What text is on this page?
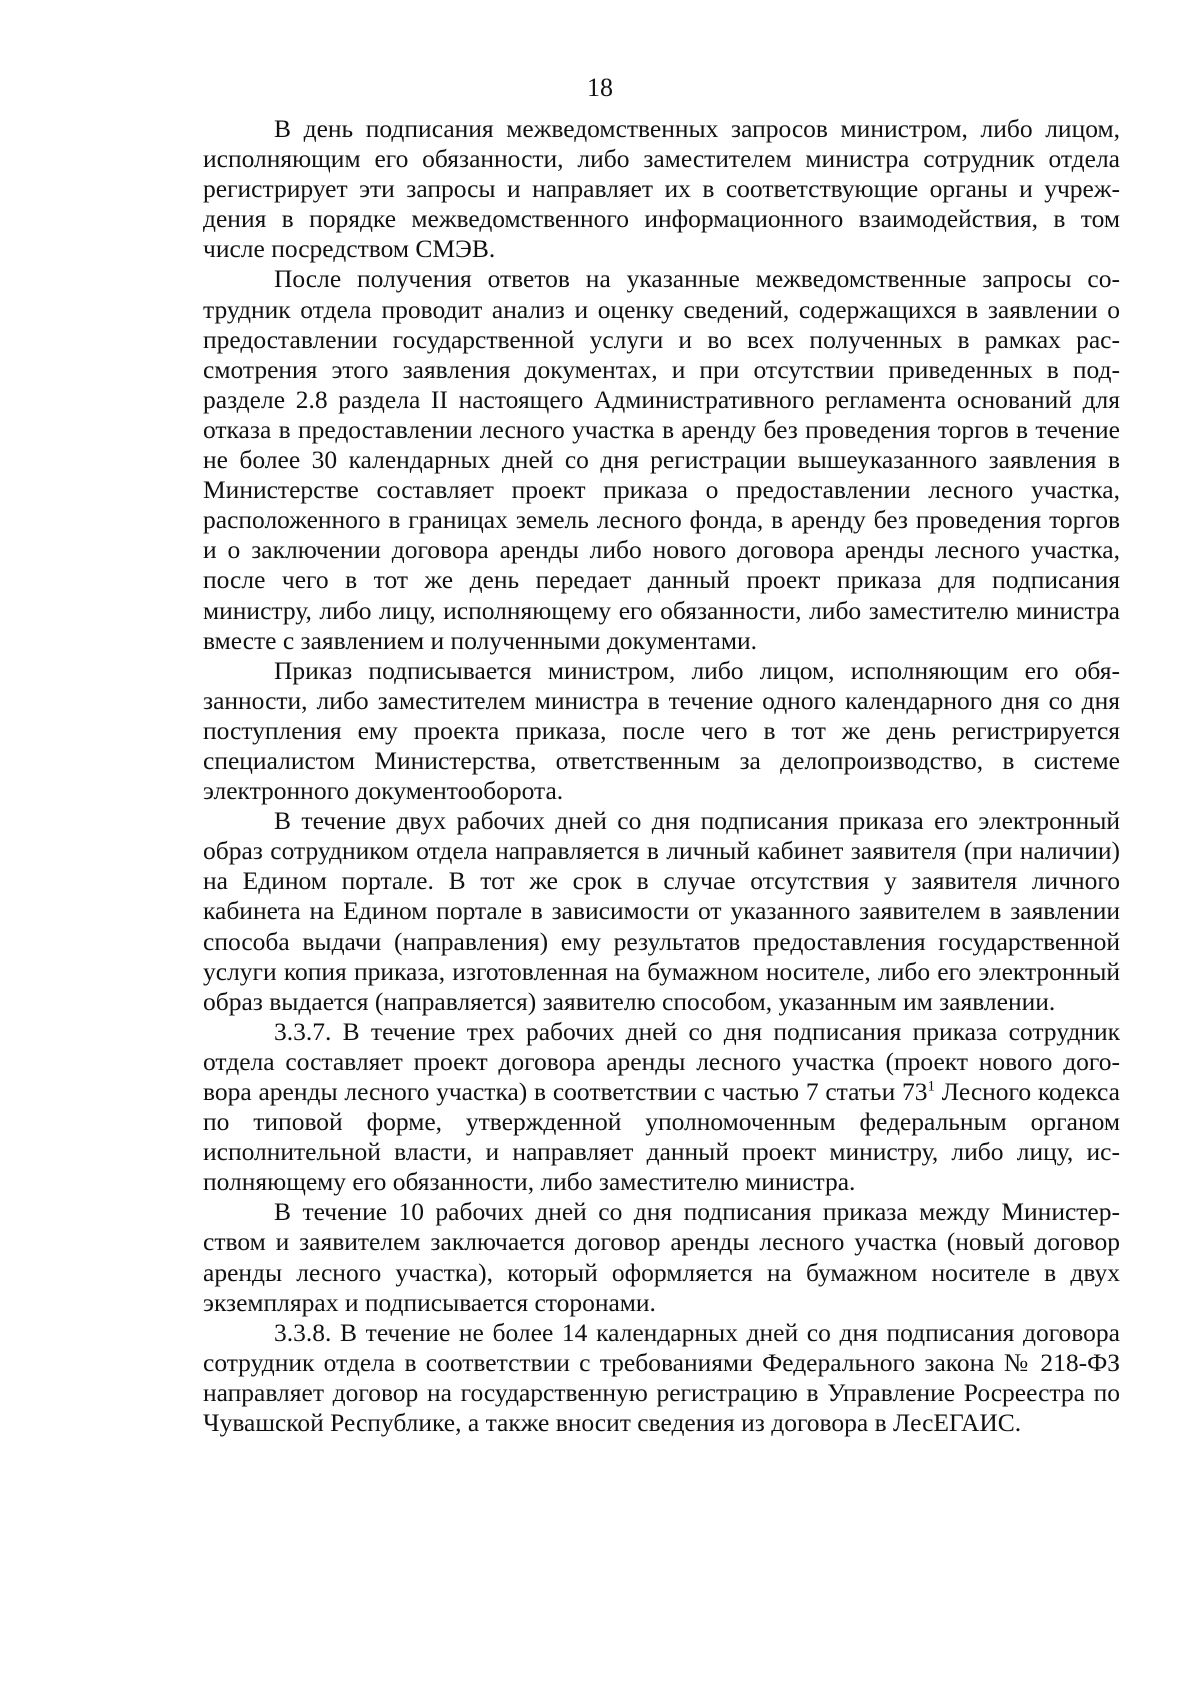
18

В день подписания межведомственных запросов министром, либо лицом, исполняющим его обязанности, либо заместителем министра сотрудник отдела регистрирует эти запросы и направляет их в соответствующие органы и учреждения в порядке межведомственного информационного взаимодействия, в том числе посредством СМЭВ.

После получения ответов на указанные межведомственные запросы сотрудник отдела проводит анализ и оценку сведений, содержащихся в заявлении о предоставлении государственной услуги и во всех полученных в рамках рассмотрения этого заявления документах, и при отсутствии приведенных в подразделе 2.8 раздела II настоящего Административного регламента оснований для отказа в предоставлении лесного участка в аренду без проведения торгов в течение не более 30 календарных дней со дня регистрации вышеуказанного заявления в Министерстве составляет проект приказа о предоставлении лесного участка, расположенного в границах земель лесного фонда, в аренду без проведения торгов и о заключении договора аренды либо нового договора аренды лесного участка, после чего в тот же день передает данный проект приказа для подписания министру, либо лицу, исполняющему его обязанности, либо заместителю министра вместе с заявлением и полученными документами.

Приказ подписывается министром, либо лицом, исполняющим его обязанности, либо заместителем министра в течение одного календарного дня со дня поступления ему проекта приказа, после чего в тот же день регистрируется специалистом Министерства, ответственным за делопроизводство, в системе электронного документооборота.

В течение двух рабочих дней со дня подписания приказа его электронный образ сотрудником отдела направляется в личный кабинет заявителя (при наличии) на Едином портале. В тот же срок в случае отсутствия у заявителя личного кабинета на Едином портале в зависимости от указанного заявителем в заявлении способа выдачи (направления) ему результатов предоставления государственной услуги копия приказа, изготовленная на бумажном носителе, либо его электронный образ выдается (направляется) заявителю способом, указанным им заявлении.

3.3.7. В течение трех рабочих дней со дня подписания приказа сотрудник отдела составляет проект договора аренды лесного участка (проект нового договора аренды лесного участка) в соответствии с частью 7 статьи $73^1$ Лесного кодекса по типовой форме, утвержденной уполномоченным федеральным органом исполнительной власти, и направляет данный проект министру, либо лицу, исполняющему его обязанности, либо заместителю министра.

В течение 10 рабочих дней со дня подписания приказа между Министерством и заявителем заключается договор аренды лесного участка (новый договор аренды лесного участка), который оформляется на бумажном носителе в двух экземплярах и подписывается сторонами.

3.3.8. В течение не более 14 календарных дней со дня подписания договора сотрудник отдела в соответствии с требованиями Федерального закона № 218-ФЗ направляет договор на государственную регистрацию в Управление Росреестра по Чувашской Республике, а также вносит сведения из договора в ЛесЕГАИС.
